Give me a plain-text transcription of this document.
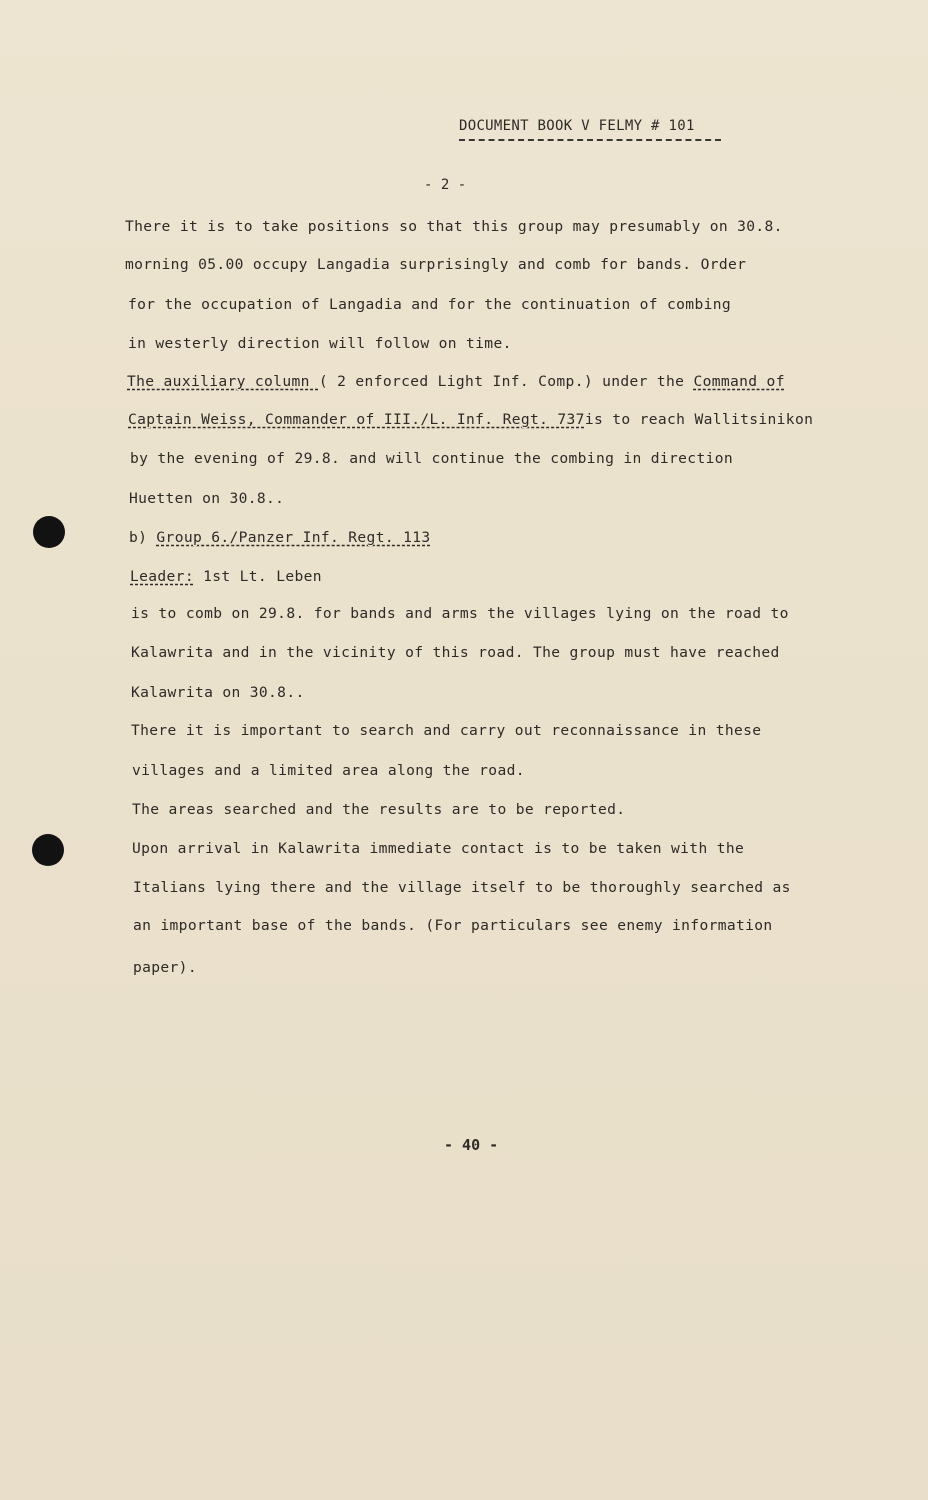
DOCUMENT BOOK V FELMY # 101
- 2 -
There it is to take positions so that this group may presumably on 30.8.
morning 05.00 occupy Langadia surprisingly and comb for bands. Order
for the occupation of Langadia and for the continuation of combing
in westerly direction will follow on time.
The auxiliary column ( 2 enforced Light Inf. Comp.) under the Command of
Captain Weiss, Commander of III./L. Inf. Regt. 737is to reach Wallitsinikon
by the evening of 29.8. and will continue the combing in direction
Huetten on 30.8..
b) Group 6./Panzer Inf. Regt. 113
Leader: 1st Lt. Leben
is to comb on 29.8. for bands and arms the villages lying on the road to
Kalawrita and in the vicinity of this road. The group must have reached
Kalawrita on 30.8..
There it is important to search and carry out reconnaissance in these
villages and a limited area along the road.
The areas searched and the results are to be reported.
Upon arrival in Kalawrita immediate contact is to be taken with the
Italians lying there and the village itself to be thoroughly searched as
an important base of the bands. (For particulars see enemy information
paper).
- 40 -
